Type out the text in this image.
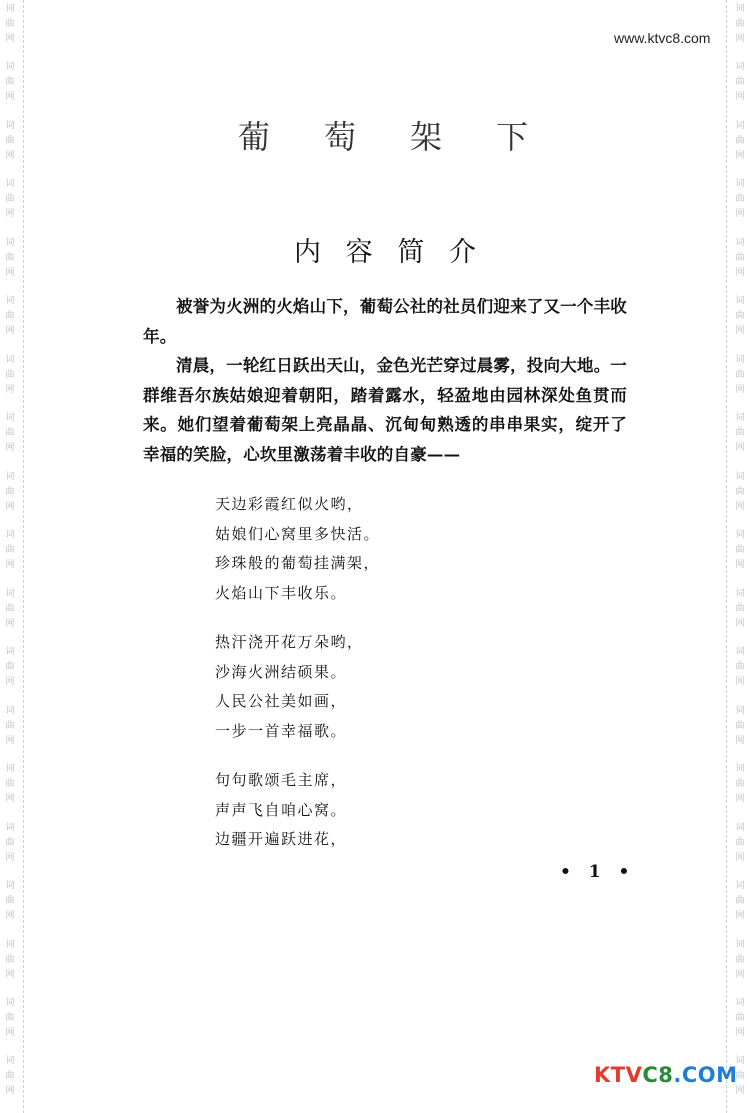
词
曲
网
词
曲
网
词
曲
网
词
曲
网
词
曲
网
词
曲
网
词
曲
网
词
曲
网
词
曲
网
词
曲
网
词
曲
网
词
曲
网
词
曲
网
词
曲
网
词
曲
网
词
曲
网
词
曲
网
词
曲
网
词
曲
网
词
曲
网
词
曲
网
词
曲
网
词
曲
网
词
曲
网
词
曲
网
词
曲
网
词
曲
网
词
曲
网
词
曲
网
词
曲
网
词
曲
网
词
曲
网
词
曲
网
词
曲
网
词
曲
网
词
曲
网
词
曲
网
词
曲
网
www.ktvc8.com
葡 萄 架 下
内 容 简 介

被誉为火洲的火焰山下，葡萄公社的社员们迎来了又一个丰收年。

清晨，一轮红日跃出天山，金色光芒穿过晨雾，投向大地。一群维吾尔族姑娘迎着朝阳，踏着露水，轻盈地由园林深处鱼贯而来。她们望着葡萄架上亮晶晶、沉甸甸熟透的串串果实，绽开了幸福的笑脸，心坎里激荡着丰收的自豪——

天边彩霞红似火哟，
姑娘们心窝里多快活。
珍珠般的葡萄挂满架，
火焰山下丰收乐。
热汗浇开花万朵哟，
沙海火洲结硕果。
人民公社美如画，
一步一首幸福歌。
句句歌颂毛主席，
声声飞自咱心窝。
边疆开遍跃进花，
• 1 •
KTVC8.COM
